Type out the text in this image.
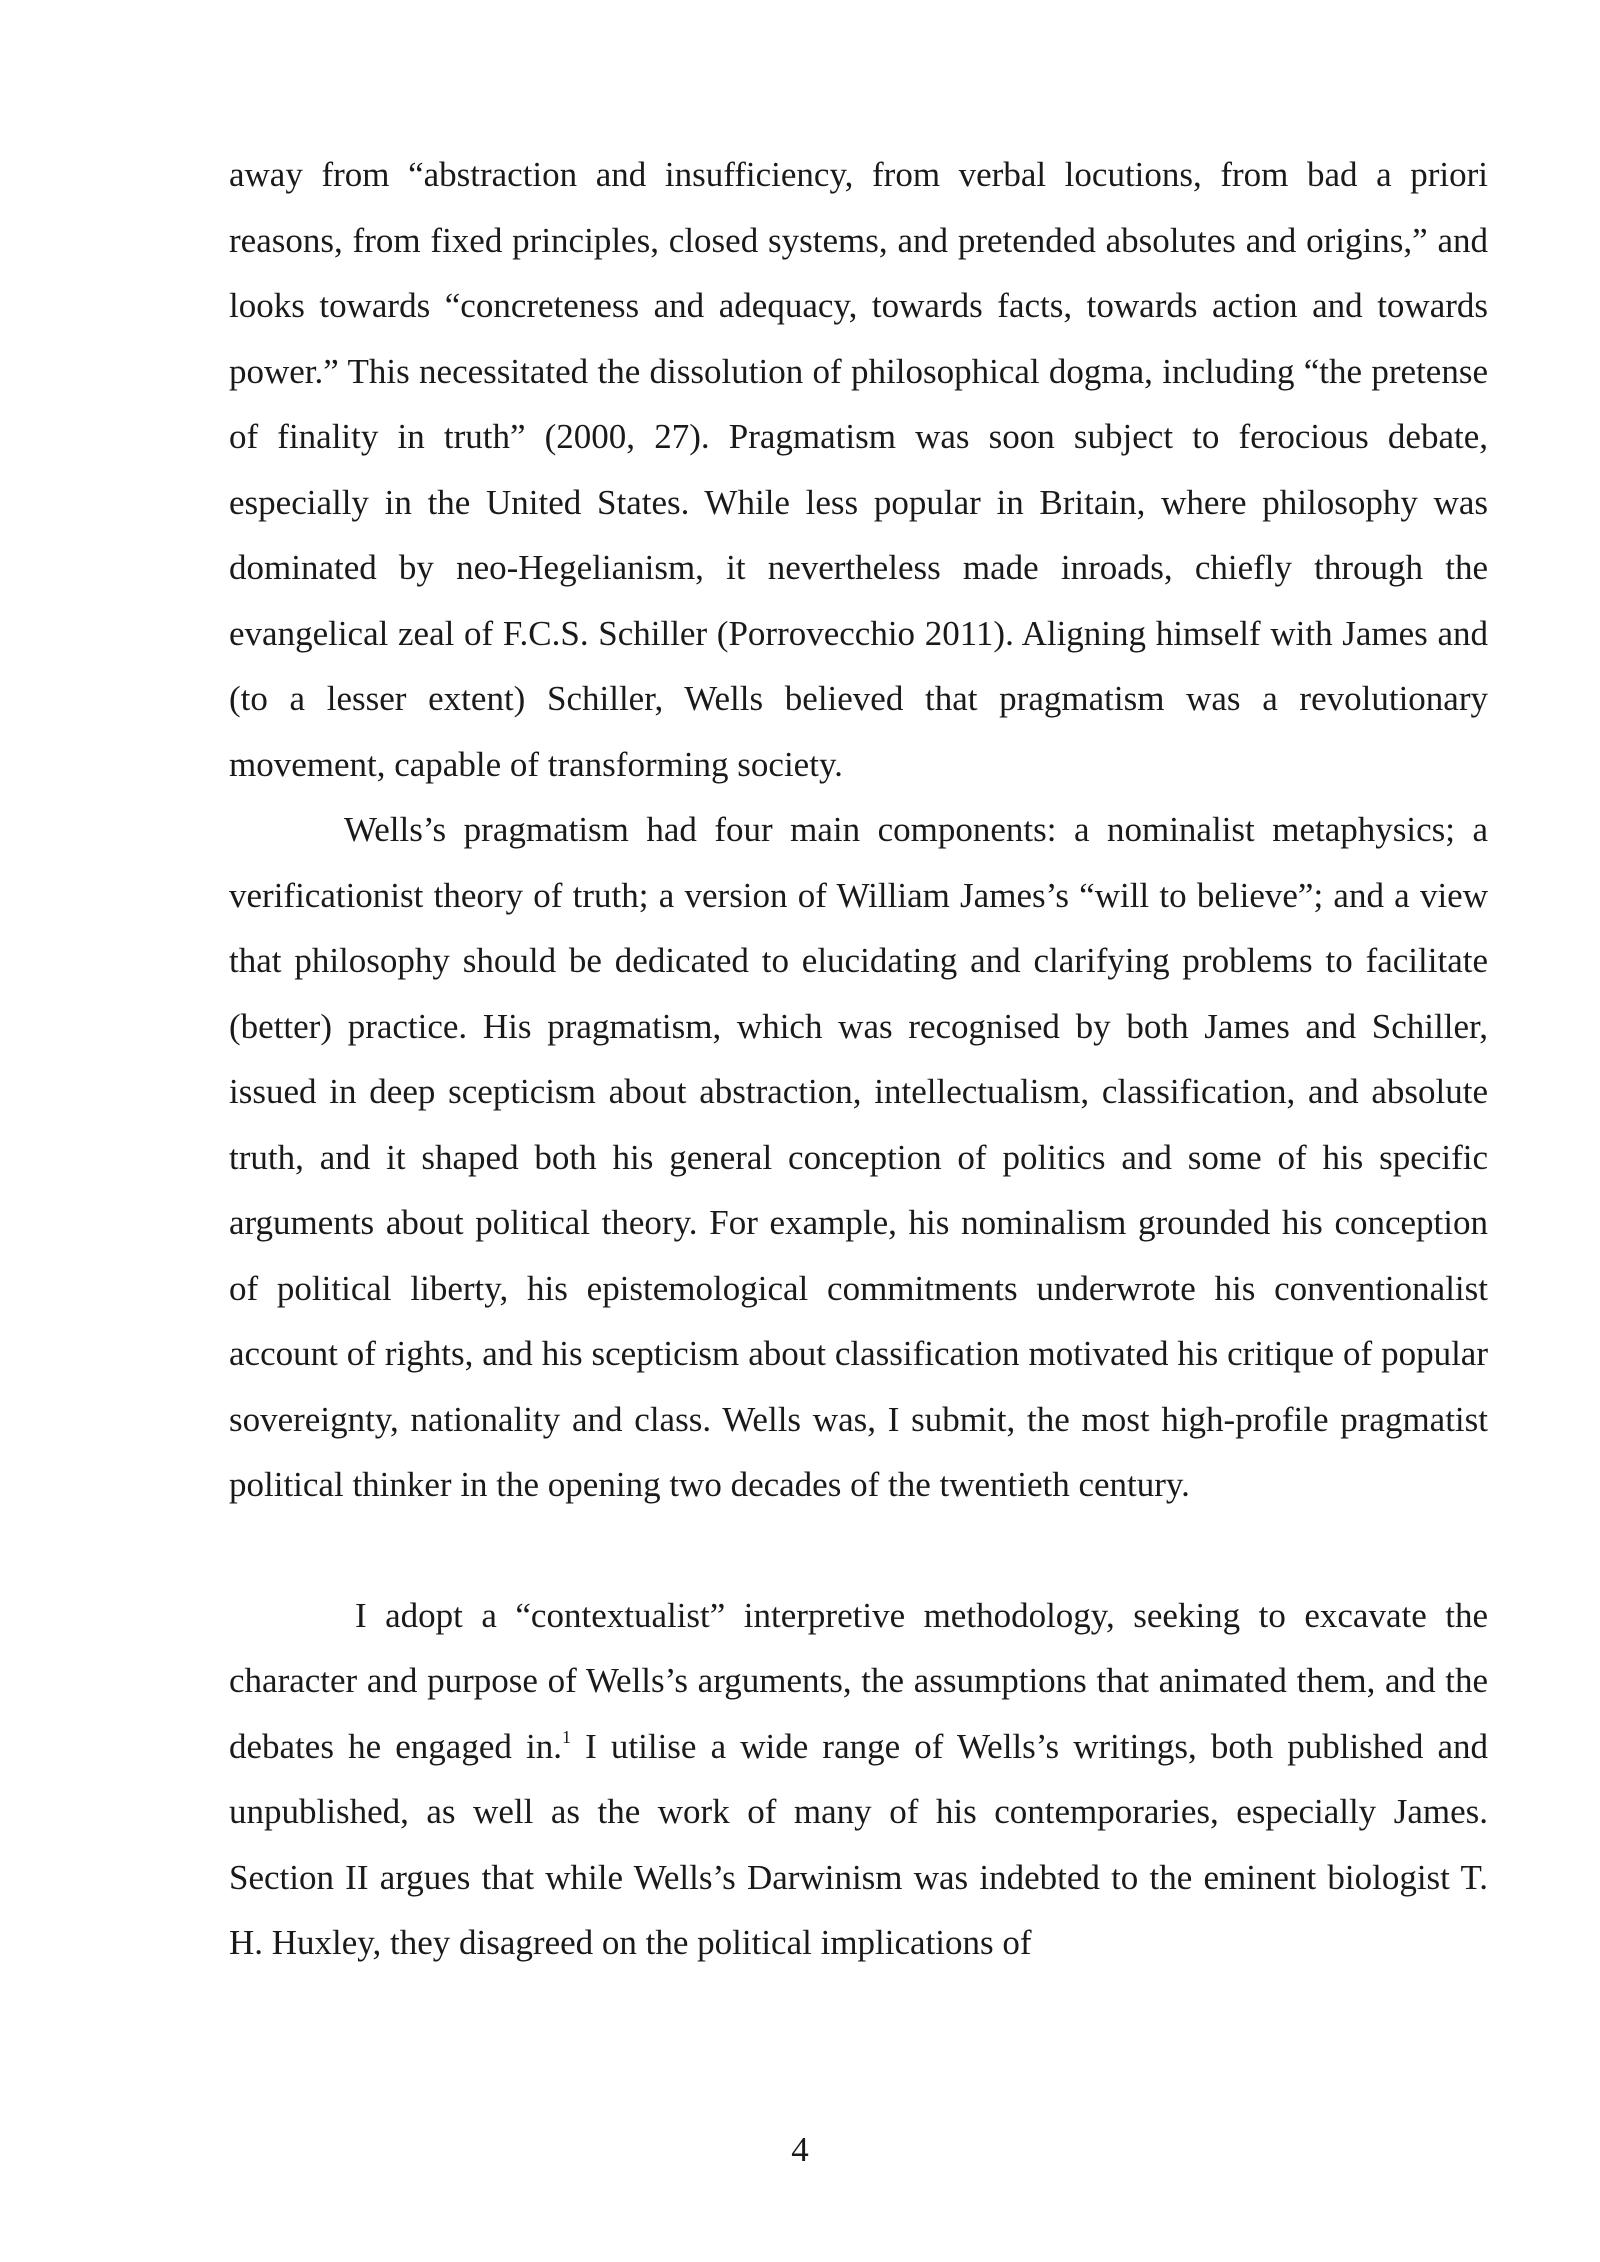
away from “abstraction and insufficiency, from verbal locutions, from bad a priori reasons, from fixed principles, closed systems, and pretended absolutes and origins,” and looks towards “concreteness and adequacy, towards facts, towards action and towards power.” This necessitated the dissolution of philosophical dogma, including “the pretense of finality in truth” (2000, 27). Pragmatism was soon subject to ferocious debate, especially in the United States. While less popular in Britain, where philosophy was dominated by neo-Hegelianism, it nevertheless made inroads, chiefly through the evangelical zeal of F.C.S. Schiller (Porrovecchio 2011). Aligning himself with James and (to a lesser extent) Schiller, Wells believed that pragmatism was a revolutionary movement, capable of transforming society.

Wells’s pragmatism had four main components: a nominalist metaphysics; a verificationist theory of truth; a version of William James’s “will to believe”; and a view that philosophy should be dedicated to elucidating and clarifying problems to facilitate (better) practice. His pragmatism, which was recognised by both James and Schiller, issued in deep scepticism about abstraction, intellectualism, classification, and absolute truth, and it shaped both his general conception of politics and some of his specific arguments about political theory. For example, his nominalism grounded his conception of political liberty, his epistemological commitments underwrote his conventionalist account of rights, and his scepticism about classification motivated his critique of popular sovereignty, nationality and class. Wells was, I submit, the most high-profile pragmatist political thinker in the opening two decades of the twentieth century.

I adopt a “contextualist” interpretive methodology, seeking to excavate the character and purpose of Wells’s arguments, the assumptions that animated them, and the debates he engaged in.$^1$ I utilise a wide range of Wells’s writings, both published and unpublished, as well as the work of many of his contemporaries, especially James. Section II argues that while Wells’s Darwinism was indebted to the eminent biologist T. H. Huxley, they disagreed on the political implications of

4
